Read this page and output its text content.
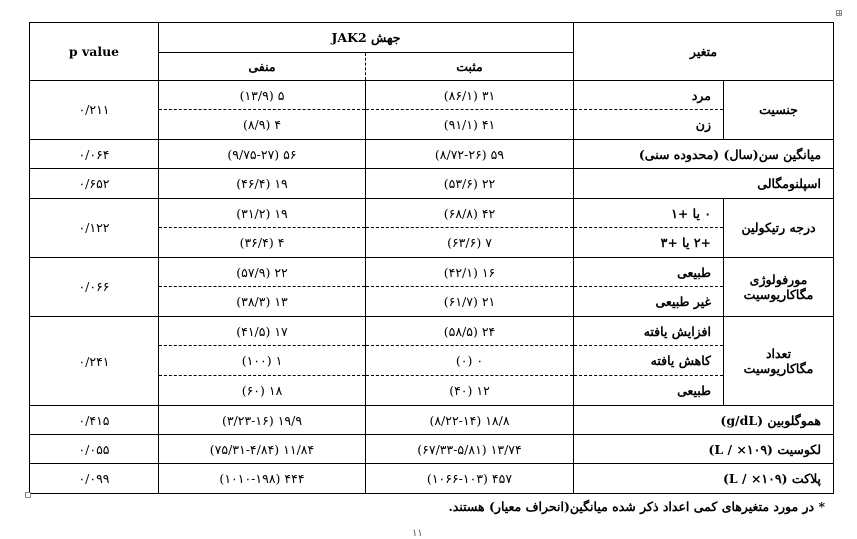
متغیر		جهش JAK2		p value
		مثبت	منفی	
جنسیت	مرد	۳۱ (۸۶/۱)	۵ (۱۳/۹)	۰/۲۱۱
	زن	۴۱ (۹۱/۱)	۴ (۸/۹)	
میانگین سن(سال) (محدوده سنی)		۵۹ (۸/۷۲-۲۶)	۵۶ (۹/۷۵-۲۷)	۰/۰۶۴
اسپلنومگالی		۲۲ (۵۳/۶)	۱۹ (۴۶/۴)	۰/۶۵۲
درجه رتیکولین	۰ یا +۱	۴۲ (۶۸/۸)	۱۹ (۳۱/۲)	۰/۱۲۲
	+۲ یا +۳	۷ (۶۳/۶)	۴ (۳۶/۴)	

مورفولوژی
مگاکاریوسیت	طبیعی	۱۶ (۴۲/۱)	۲۲ (۵۷/۹)	۰/۰۶۶
	غیر طبیعی	۲۱ (۶۱/۷)	۱۳ (۳۸/۳)	

تعداد
مگاکاریوسیت	افزایش یافته	۲۴ (۵۸/۵)	۱۷ (۴۱/۵)	۰/۲۴۱
	کاهش یافته	۰ (۰)	۱ (۱۰۰)	
	طبیعی	۱۲ (۴۰)	۱۸ (۶۰)	
هموگلوبین (g/dL)		۱۸/۸ (۸/۲۲-۱۴)	۱۹/۹ (۳/۲۳-۱۶)	۰/۴۱۵
لکوسیت (۱۰۹× / L)		۱۳/۷۴ (۶۷/۳۳-۵/۸۱)	۱۱/۸۴ (۷۵/۳۱-۴/۸۴)	۰/۰۵۵
پلاکت (۱۰۹× / L)		۴۵۷ (۱۰۶۶-۱۰۳)	۴۴۴ (۱۰۱۰-۱۹۸)	۰/۰۹۹
* در مورد متغیرهای کمی اعداد ذکر شده میانگین(انحراف معیار) هستند.
۱۱
